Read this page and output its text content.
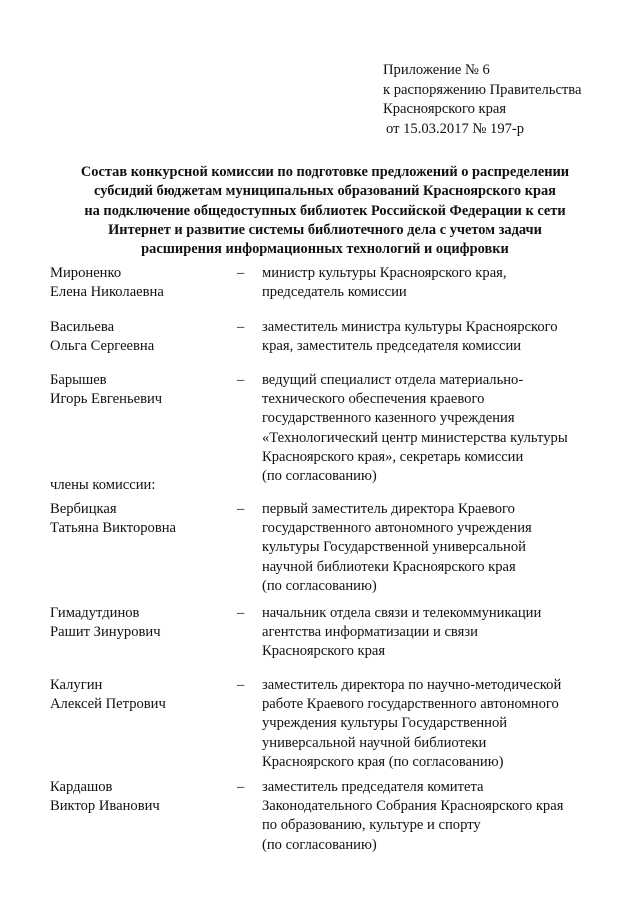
Приложение № 6
к распоряжению Правительства
Красноярского края
от 15.03.2017 № 197-р
Состав конкурсной комиссии по подготовке предложений о распределении
субсидий бюджетам муниципальных образований Красноярского края
на подключение общедоступных библиотек Российской Федерации к сети
Интернет и развитие системы библиотечного дела с учетом задачи
расширения информационных технологий и оцифровки
Мироненко
Елена Николаевна
– министр культуры Красноярского края,
председатель комиссии
Васильева
Ольга Сергеевна
– заместитель министра культуры Красноярского
края, заместитель председателя комиссии
Барышев
Игорь Евгеньевич
– ведущий специалист отдела материально-
технического обеспечения краевого
государственного казенного учреждения
«Технологический центр министерства культуры
Красноярского края», секретарь комиссии
(по согласованию)
члены комиссии:
Вербицкая
Татьяна Викторовна
– первый заместитель директора Краевого
государственного автономного учреждения
культуры Государственной универсальной
научной библиотеки Красноярского края
(по согласованию)
Гимадутдинов
Рашит Зинурович
– начальник отдела связи и телекоммуникации
агентства информатизации и связи
Красноярского края
Калугин
Алексей Петрович
– заместитель директора по научно-методической
работе Краевого государственного автономного
учреждения культуры Государственной
универсальной научной библиотеки
Красноярского края (по согласованию)
Кардашов
Виктор Иванович
– заместитель председателя комитета
Законодательного Собрания Красноярского края
по образованию, культуре и спорту
(по согласованию)
